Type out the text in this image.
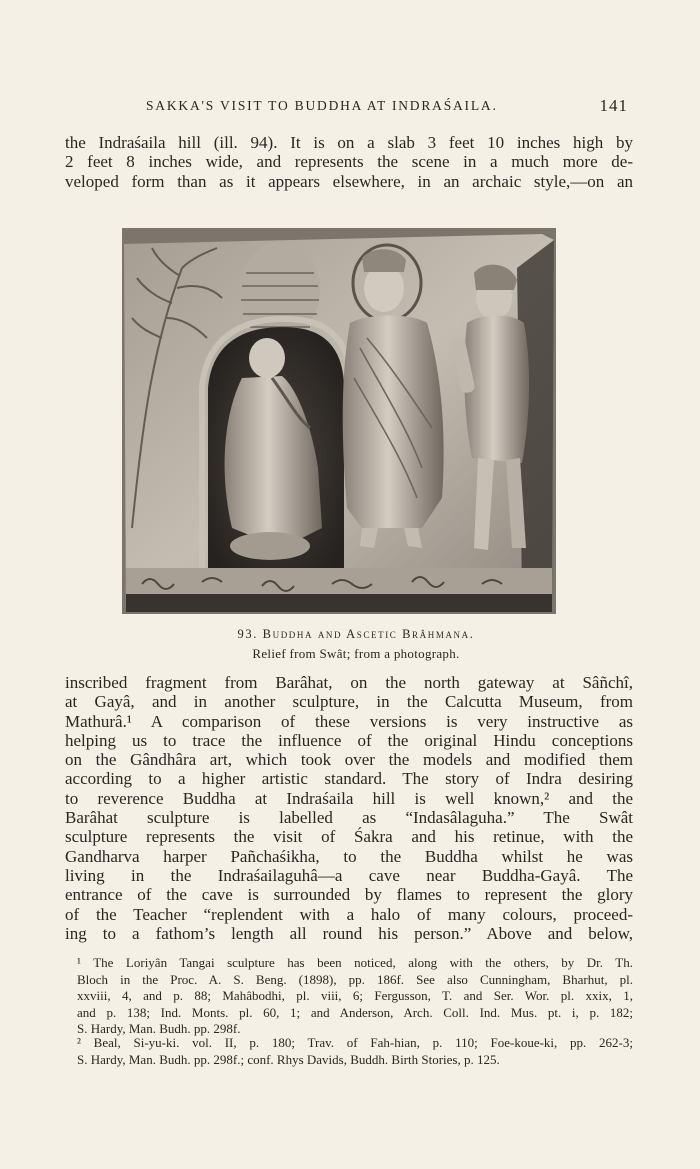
SAKKA'S VISIT TO BUDDHA AT INDRAŚAILA.	141
the Indraśaila hill (ill. 94). It is on a slab 3 feet 10 inches high by
2 feet 8 inches wide, and represents the scene in a much more de-
veloped form than as it appears elsewhere, in an archaic style,—on an
93. Buddha and Ascetic Brâhmana.
Relief from Swât; from a photograph.
inscribed fragment from Barâhat, on the north gateway at Sâñchî,
at Gayâ, and in another sculpture, in the Calcutta Museum, from
Mathurâ.¹ A comparison of these versions is very instructive as
helping us to trace the influence of the original Hindu conceptions
on the Gândhâra art, which took over the models and modified them
according to a higher artistic standard. The story of Indra desiring
to reverence Buddha at Indraśaila hill is well known,² and the
Barâhat sculpture is labelled as “Indasâlaguha.” The Swât
sculpture represents the visit of Śakra and his retinue, with the
Gandharva harper Pañchaśikha, to the Buddha whilst he was
living in the Indraśailaguhâ—a cave near Buddha-Gayâ. The
entrance of the cave is surrounded by flames to represent the glory
of the Teacher “replendent with a halo of many colours, proceed-
ing to a fathom’s length all round his person.” Above and below,
¹ The Loriyân Tangai sculpture has been noticed, along with the others, by Dr. Th.
Bloch in the Proc. A. S. Beng. (1898), pp. 186f. See also Cunningham, Bharhut, pl.
xxviii, 4, and p. 88; Mahâbodhi, pl. viii, 6; Fergusson, T. and Ser. Wor. pl. xxix, 1,
and p. 138; Ind. Monts. pl. 60, 1; and Anderson, Arch. Coll. Ind. Mus. pt. i, p. 182;
S. Hardy, Man. Budh. pp. 298f.
² Beal, Si-yu-ki. vol. II, p. 180; Trav. of Fah-hian, p. 110; Foe-koue-ki, pp. 262-3;
S. Hardy, Man. Budh. pp. 298f.; conf. Rhys Davids, Buddh. Birth Stories, p. 125.
